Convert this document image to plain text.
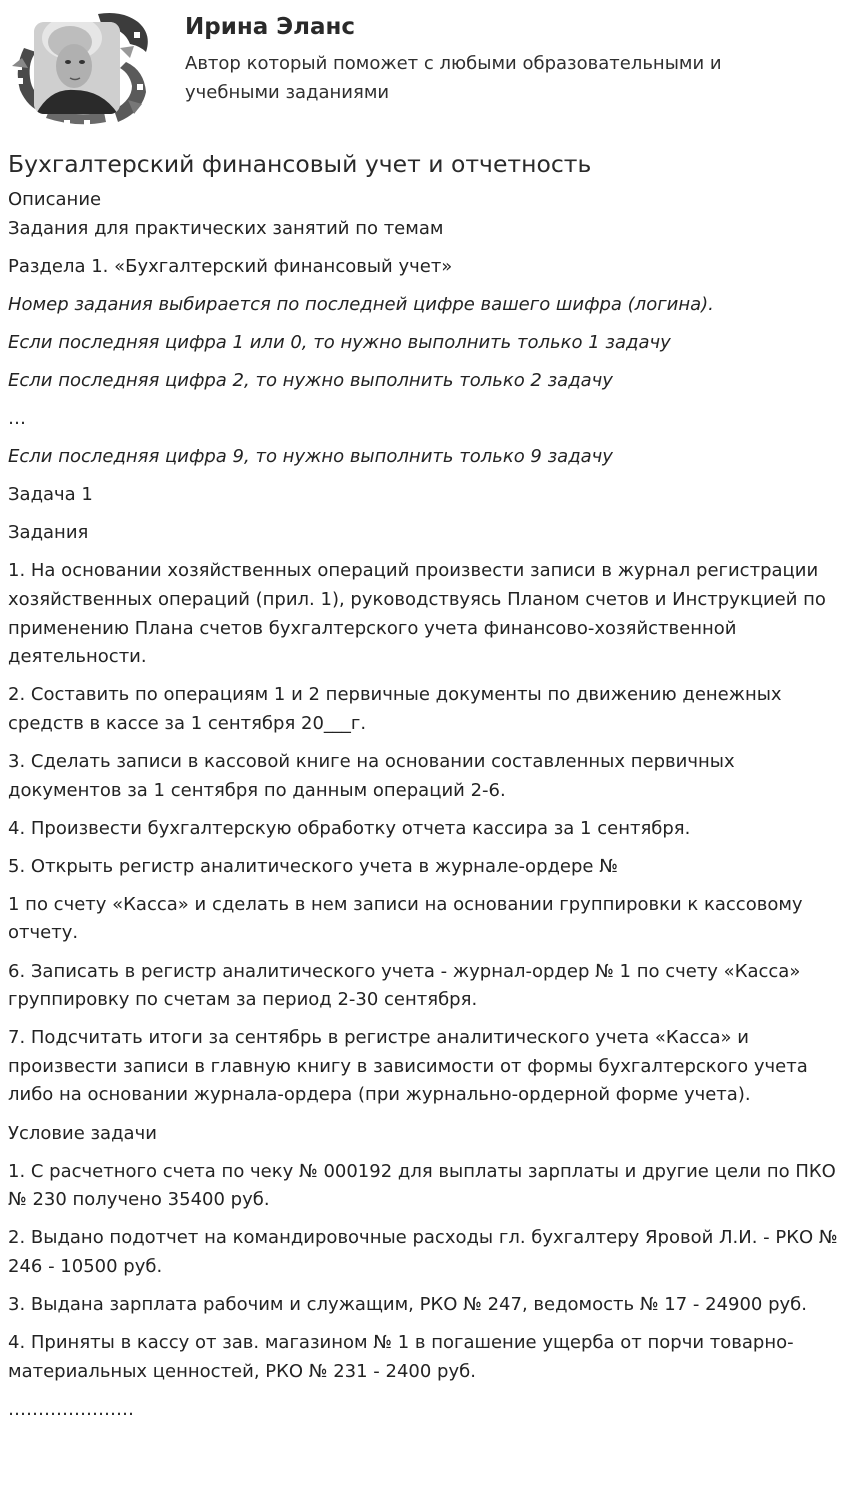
Ирина Эланс
Автор который поможет с любыми образовательными и учебными заданиями
Бухгалтерский финансовый учет и отчетность
Описание
Задания для практических занятий по темам
Раздела 1. «Бухгалтерский финансовый учет»
Номер задания выбирается по последней цифре вашего шифра (логина).
Если последняя цифра 1 или 0, то нужно выполнить только 1 задачу
Если последняя цифра 2, то нужно выполнить только 2 задачу
…
Если последняя цифра 9, то нужно выполнить только 9 задачу
Задача 1
Задания
1. На основании хозяйственных операций произвести записи в журнал регистрации хозяйственных операций (прил. 1), руководствуясь Планом счетов и Инструкцией по применению Плана счетов бухгалтерского учета финансово-хозяйственной деятельности.
2. Составить по операциям 1 и 2 первичные документы по движению денежных средств в кассе за 1 сентября 20___г.
3. Сделать записи в кассовой книге на основании составленных первичных документов за 1 сентября по данным операций 2-6.
4. Произвести бухгалтерскую обработку отчета кассира за 1 сентября.
5. Открыть регистр аналитического учета в журнале-ордере №
1 по счету «Касса» и сделать в нем записи на основании группировки к кассовому отчету.
6. Записать в регистр аналитического учета - журнал-ордер № 1 по счету «Касса» группировку по счетам за период 2-30 сентября.
7. Подсчитать итоги за сентябрь в регистре аналитического учета «Касса» и произвести записи в главную книгу в зависимости от формы бухгалтерского учета либо на основании журнала-ордера (при журнально-ордерной форме учета).
Условие задачи
1. С расчетного счета по чеку № 000192 для выплаты зарплаты и другие цели по ПКО № 230 получено 35400 руб.
2. Выдано подотчет на командировочные расходы гл. бухгалтеру Яровой Л.И. - РКО № 246 - 10500 руб.
3. Выдана зарплата рабочим и служащим, РКО № 247, ведомость № 17 - 24900 руб.
4. Приняты в кассу от зав. магазином № 1 в погашение ущерба от порчи товарно-материальных ценностей, РКО № 231 - 2400 руб.
…………………
